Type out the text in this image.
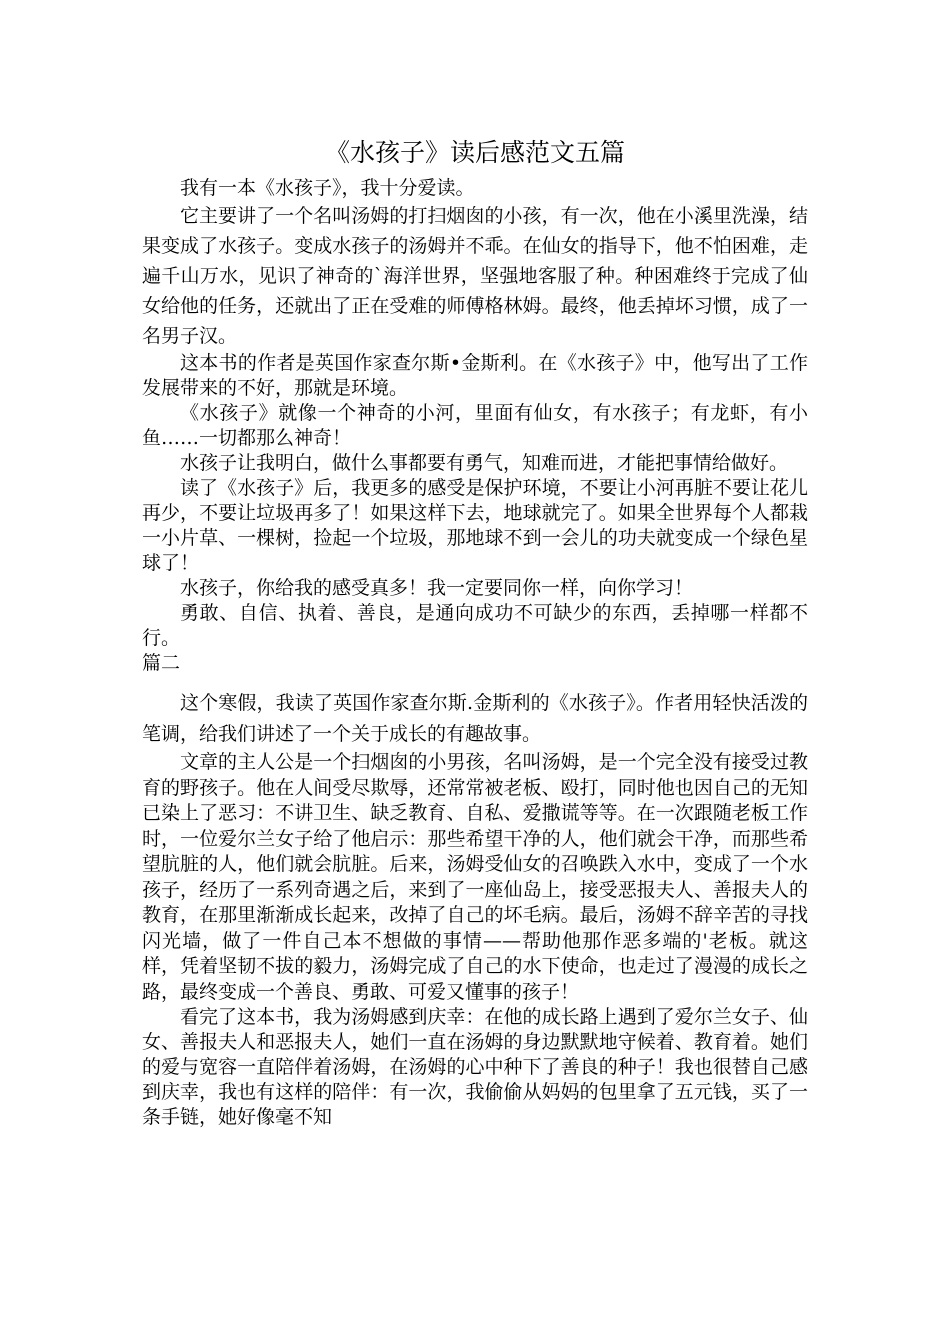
《水孩子》读后感范文五篇

我有一本《水孩子》，我十分爱读。

它主要讲了一个名叫汤姆的打扫烟囱的小孩，有一次，他在小溪里洗澡，结果变成了水孩子。变成水孩子的汤姆并不乖。在仙女的指导下，他不怕困难，走遍千山万水，见识了神奇的`海洋世界，坚强地客服了种。种困难终于完成了仙女给他的任务，还就出了正在受难的师傅格林姆。最终，他丢掉坏习惯，成了一名男子汉。

这本书的作者是英国作家查尔斯•金斯利。在《水孩子》中，他写出了工作发展带来的不好，那就是环境。

《水孩子》就像一个神奇的小河，里面有仙女，有水孩子；有龙虾，有小鱼……一切都那么神奇！

水孩子让我明白，做什么事都要有勇气，知难而进，才能把事情给做好。

读了《水孩子》后，我更多的感受是保护环境，不要让小河再脏不要让花儿再少，不要让垃圾再多了！如果这样下去，地球就完了。如果全世界每个人都栽一小片草、一棵树，捡起一个垃圾，那地球不到一会儿的功夫就变成一个绿色星球了！

水孩子，你给我的感受真多！我一定要同你一样，向你学习！

勇敢、自信、执着、善良，是通向成功不可缺少的东西，丢掉哪一样都不行。

篇二

这个寒假，我读了英国作家查尔斯.金斯利的《水孩子》。作者用轻快活泼的笔调，给我们讲述了一个关于成长的有趣故事。

文章的主人公是一个扫烟囱的小男孩，名叫汤姆，是一个完全没有接受过教育的野孩子。他在人间受尽欺辱，还常常被老板、殴打，同时他也因自己的无知已染上了恶习：不讲卫生、缺乏教育、自私、爱撒谎等等。在一次跟随老板工作时，一位爱尔兰女子给了他启示：那些希望干净的人，他们就会干净，而那些希望肮脏的人，他们就会肮脏。后来，汤姆受仙女的召唤跌入水中，变成了一个水孩子，经历了一系列奇遇之后，来到了一座仙岛上，接受恶报夫人、善报夫人的教育，在那里渐渐成长起来，改掉了自己的坏毛病。最后，汤姆不辞辛苦的寻找闪光墙，做了一件自己本不想做的事情——帮助他那作恶多端的'老板。就这样，凭着坚韧不拔的毅力，汤姆完成了自己的水下使命，也走过了漫漫的成长之路，最终变成一个善良、勇敢、可爱又懂事的孩子！

看完了这本书，我为汤姆感到庆幸：在他的成长路上遇到了爱尔兰女子、仙女、善报夫人和恶报夫人，她们一直在汤姆的身边默默地守候着、教育着。她们的爱与宽容一直陪伴着汤姆，在汤姆的心中种下了善良的种子！我也很替自己感到庆幸，我也有这样的陪伴：有一次，我偷偷从妈妈的包里拿了五元钱，买了一条手链，她好像毫不知
